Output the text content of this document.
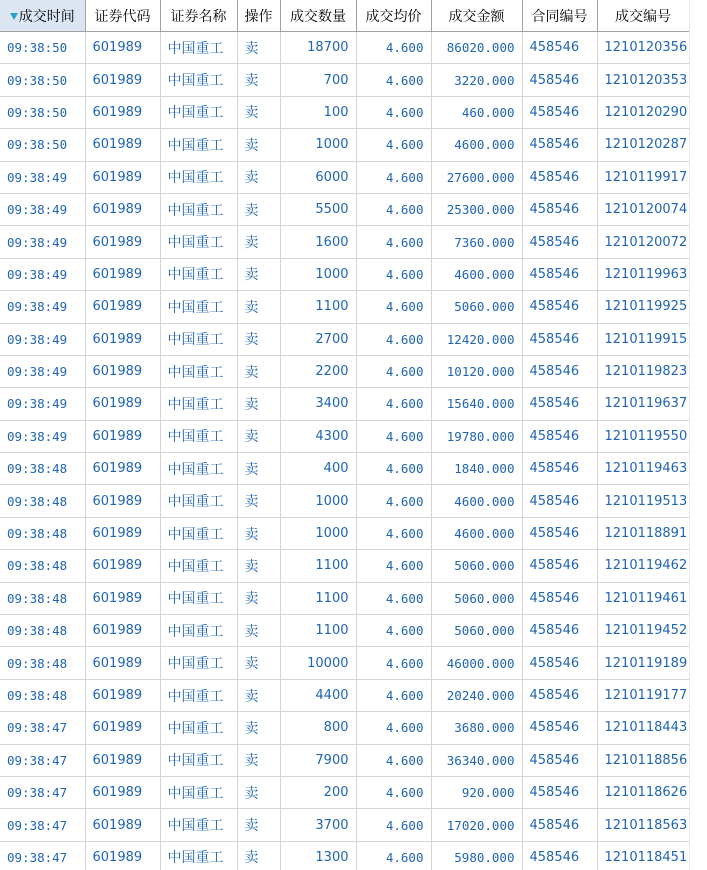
成交时间	证券代码	证券名称	操作	成交数量	成交均价	成交金额	合同编号	成交编号
09:38:50	601989	中国重工	卖	18700	4.600	86020.000	458546	1210120356
09:38:50	601989	中国重工	卖	700	4.600	3220.000	458546	1210120353
09:38:50	601989	中国重工	卖	100	4.600	460.000	458546	1210120290
09:38:50	601989	中国重工	卖	1000	4.600	4600.000	458546	1210120287
09:38:49	601989	中国重工	卖	6000	4.600	27600.000	458546	1210119917
09:38:49	601989	中国重工	卖	5500	4.600	25300.000	458546	1210120074
09:38:49	601989	中国重工	卖	1600	4.600	7360.000	458546	1210120072
09:38:49	601989	中国重工	卖	1000	4.600	4600.000	458546	1210119963
09:38:49	601989	中国重工	卖	1100	4.600	5060.000	458546	1210119925
09:38:49	601989	中国重工	卖	2700	4.600	12420.000	458546	1210119915
09:38:49	601989	中国重工	卖	2200	4.600	10120.000	458546	1210119823
09:38:49	601989	中国重工	卖	3400	4.600	15640.000	458546	1210119637
09:38:49	601989	中国重工	卖	4300	4.600	19780.000	458546	1210119550
09:38:48	601989	中国重工	卖	400	4.600	1840.000	458546	1210119463
09:38:48	601989	中国重工	卖	1000	4.600	4600.000	458546	1210119513
09:38:48	601989	中国重工	卖	1000	4.600	4600.000	458546	1210118891
09:38:48	601989	中国重工	卖	1100	4.600	5060.000	458546	1210119462
09:38:48	601989	中国重工	卖	1100	4.600	5060.000	458546	1210119461
09:38:48	601989	中国重工	卖	1100	4.600	5060.000	458546	1210119452
09:38:48	601989	中国重工	卖	10000	4.600	46000.000	458546	1210119189
09:38:48	601989	中国重工	卖	4400	4.600	20240.000	458546	1210119177
09:38:47	601989	中国重工	卖	800	4.600	3680.000	458546	1210118443
09:38:47	601989	中国重工	卖	7900	4.600	36340.000	458546	1210118856
09:38:47	601989	中国重工	卖	200	4.600	920.000	458546	1210118626
09:38:47	601989	中国重工	卖	3700	4.600	17020.000	458546	1210118563
09:38:47	601989	中国重工	卖	1300	4.600	5980.000	458546	1210118451
